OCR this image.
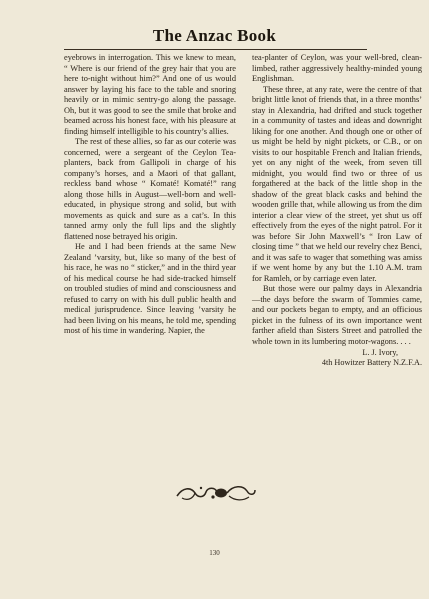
The Anzac Book

eyebrows in interrogation. This we knew to mean, “ Where is our friend of the grey hair that you are here to-night without him?” And one of us would answer by laying his face to the table and snoring heavily or in mimic sentry-go along the passage. Oh, but it was good to see the smile that broke and beamed across his honest face, with his pleasure at finding himself intelligible to his country’s allies.

The rest of these allies, so far as our coterie was concerned, were a sergeant of the Ceylon Tea-planters, back from Gallipoli in charge of his company’s horses, and a Maori of that gallant, reckless band whose “ Komaté! Komaté!” rang along those hills in August—well-born and well-educated, in physique strong and solid, but with movements as quick and sure as a cat’s. In this tanned army only the full lips and the slightly flattened nose betrayed his origin.

He and I had been friends at the same New Zealand ’varsity, but, like so many of the best of his race, he was no “ sticker,” and in the third year of his medical course he had side-tracked himself on troubled studies of mind and consciousness and refused to carry on with his dull public health and medical jurisprudence. Since leaving ’varsity he had been living on his means, he told me, spending most of his time in wandering. Napier, the

tea-planter of Ceylon, was your well-bred, clean-limbed, rather aggressively healthy-minded young Englishman.

These three, at any rate, were the centre of that bright little knot of friends that, in a three months’ stay in Alexandria, had drifted and stuck together in a community of tastes and ideas and downright liking for one another. And though one or other of us might be held by night pickets, or C.B., or on visits to our hospitable French and Italian friends, yet on any night of the week, from seven till midnight, you would find two or three of us forgathered at the back of the little shop in the shadow of the great black casks and behind the wooden grille that, while allowing us from the dim interior a clear view of the street, yet shut us off effectively from the eyes of the night patrol. For it was before Sir John Maxwell’s “ Iron Law of closing time ” that we held our revelry chez Benci, and it was safe to wager that something was amiss if we went home by any but the 1.10 A.M. tram for Ramleh, or by carriage even later.

But those were our palmy days in Alexandria—the days before the swarm of Tommies came, and our pockets began to empty, and an officious picket in the fulness of its own importance went farther afield than Sisters Street and patrolled the whole town in its lumbering motor-wagons. . . .

L. J. Ivory,
4th Howitzer Battery N.Z.F.A.
130
